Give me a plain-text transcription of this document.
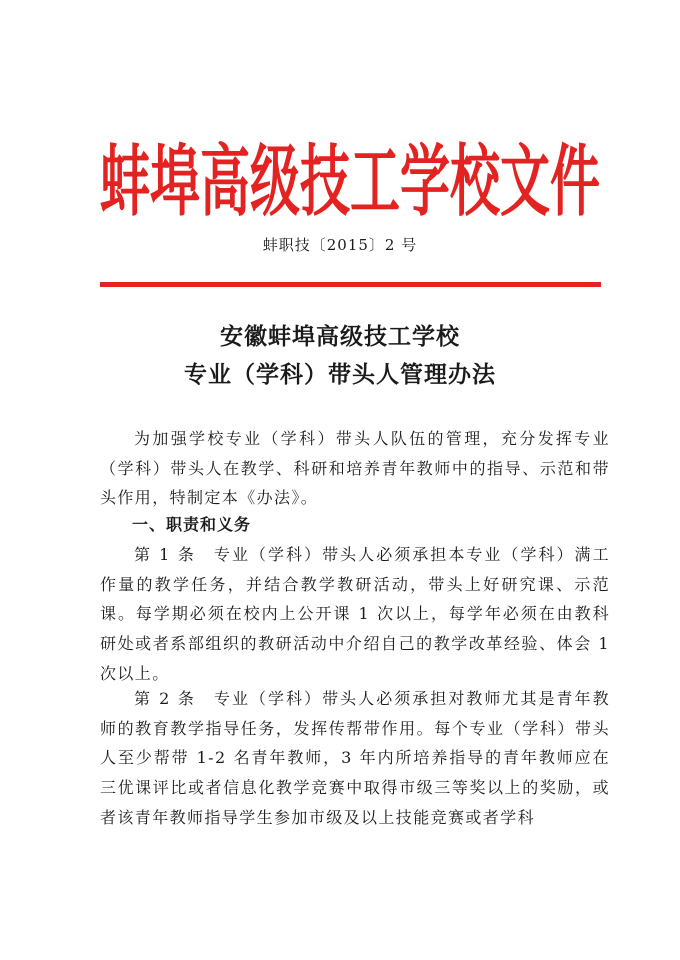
蚌埠高级技工学校文件
蚌职技〔2015〕2 号
安徽蚌埠高级技工学校
专业（学科）带头人管理办法
为加强学校专业（学科）带头人队伍的管理，充分发挥专业（学科）带头人在教学、科研和培养青年教师中的指导、示范和带头作用，特制定本《办法》。
一、职责和义务
第 1 条　专业（学科）带头人必须承担本专业（学科）满工作量的教学任务，并结合教学教研活动，带头上好研究课、示范课。每学期必须在校内上公开课 1 次以上，每学年必须在由教科研处或者系部组织的教研活动中介绍自己的教学改革经验、体会 1 次以上。
第 2 条　专业（学科）带头人必须承担对教师尤其是青年教师的教育教学指导任务，发挥传帮带作用。每个专业（学科）带头人至少帮带 1-2 名青年教师，3 年内所培养指导的青年教师应在三优课评比或者信息化教学竞赛中取得市级三等奖以上的奖励，或者该青年教师指导学生参加市级及以上技能竞赛或者学科
